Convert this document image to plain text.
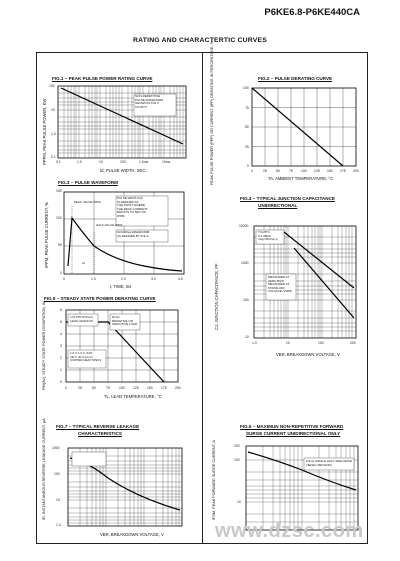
P6KE6.8-P6KE440CA
RATING AND CHARACTERTIC CURVES
FIG.1 – PEAK PULSE POWER RATING CURVE
PPPM, PEAK PULSE POWER, KW
NON-REPETITIVE
PULSE WAVEFORM
SHOWN IN FIG.3
TA=25°C
0.1	1.0	10	100	1.0ms	10ms
100
10
1.0
0.1
td, PULSE WIDTH, SEC.
FIG.2 – PULSE DERATING CURVE
PEAK PULSE POWER (PPP) OR CURRENT (IPP) DERATING IN PERCENTAGE, %	100
75
50
25
0
0	25	50	75 100 125 150 175 200
TA, AMBIENT TEMPERATURE, °C
FIG.3 – PULSE WAVEFORM
IPPM, PEAK PULSE CURRENT, %
PULSE WIDTH (td)
IS DEFINED AS
THE POINT WHERE
THE PEAK CURRENT
DECAYS TO 50% OF
IPPM
10/1000μs WAVEFORM
AS DEFINED BY R.E.A.
PEAK VALUE IPPM
HALF VALUE IPP/2
td
150
100
50
0
0	1.0	2.0	3.0	4.0
t, TIME, ms
FIG.4 – TYPICAL JUNCTION CAPACITANCE
UNIDIRECTIONAL
CJ, JUNCTION CAPACITANCE, PF
TJ=25°C
f=1.0MHz
Vsig=50mVp-p
MEASURED AT
ZERO BIAS
MEASURED AT
STAND-OFF
VOLTAGE (VWM)
10000
1000
100
10
1.0	10	100	200
VBR, BREAKDOWN VOLTAGE, V
FIG.5 – STEADY STATE POWER DERATING CURVE
PM(AV), STEADY STATE POWER DISSIPATION, W	L=0.375"(9.5mm)
LEAD LENGTHS
60 Hz
RESISTIVE OR
INDUCTIVE LOAD
1.6 X 1.6 X .040"
(40 X 40 X 1mm)
COPPER HEAT SINKS
6
5
4
3
2
1
0
0	25	50	75	100 125 150 175 200
TL, LEAD TEMPERATURE, °C
FIG.7 – TYPICAL REVERSE LEAKAGE
CHARACTERISTICS
IR, INSTANTANEOUS REVERSE LEAKAGE CURRENT, μA 1000
100
10
1.0
VBR, BREAKDOWN VOLTAGE, V
FIG.6 – MAXIMUN NON-REPETITIVE FORWARD
SURGE CURRENT UNIDIRECTIONAL ONLY
IFSM, PEAK FORWARD SURGE CURRENT, A	8.3ms SINGLE HALF SINE-WAVE
(JEDEC METHOD)
200
100
10
www.dzsc.com
